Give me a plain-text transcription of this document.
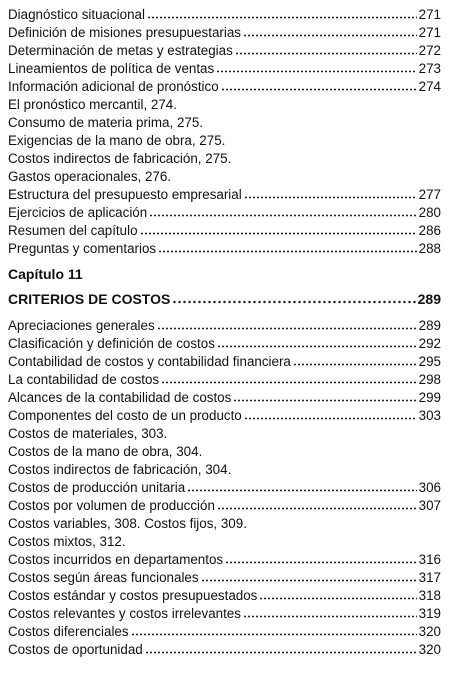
Diagnóstico situacional	271
Definición de misiones presupuestarias	271
Determinación de metas y estrategias	272
Lineamientos de política de ventas	273
Información adicional de pronóstico	274
El pronóstico mercantil, 274.
Consumo de materia prima, 275.
Exigencias de la mano de obra, 275.
Costos indirectos de fabricación, 275.
Gastos operacionales, 276.
Estructura del presupuesto empresarial	277
Ejercicios de aplicación	280
Resumen del capítulo	286
Preguntas y comentarios	288
Capítulo 11
CRITERIOS DE COSTOS	289
Apreciaciones generales	289
Clasificación y definición de costos	292
Contabilidad de costos y contabilidad financiera	295
La contabilidad de costos	298
Alcances de la contabilidad de costos	299
Componentes del costo de un producto	303
Costos de materiales, 303.
Costos de la mano de obra, 304.
Costos indirectos de fabricación, 304.
Costos de producción unitaria	306
Costos por volumen de producción	307
Costos variables, 308. Costos fijos, 309.
Costos mixtos, 312.
Costos incurridos en departamentos	316
Costos según áreas funcionales	317
Costos estándar y costos presupuestados	318
Costos relevantes y costos irrelevantes	319
Costos diferenciales	320
Costos de oportunidad	320
